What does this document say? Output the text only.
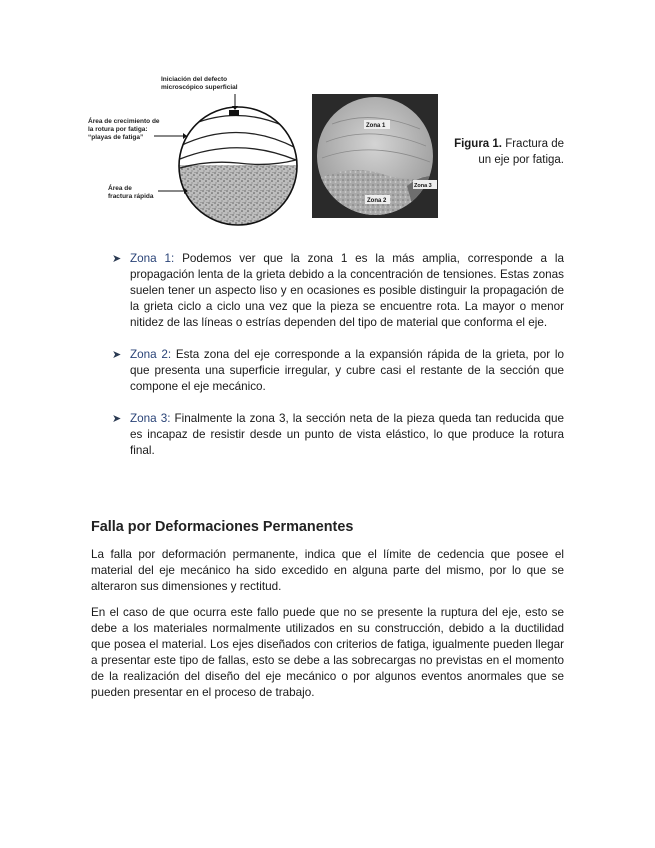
Iniciación del defecto
microscópico superficial
Área de crecimiento de
la rotura por fatiga:
“playas de fatiga”
Área de
fractura rápida
Zona 1
Zona 2
Zona 3
Figura 1. Fractura de un eje por fatiga.
➤ Zona 1: Podemos ver que la zona 1 es la más amplia, corresponde a la propagación lenta de la grieta debido a la concentración de tensiones. Estas zonas suelen tener un aspecto liso y en ocasiones es posible distinguir la propagación de la grieta ciclo a ciclo una vez que la pieza se encuentre rota. La mayor o menor nitidez de las líneas o estrías dependen del tipo de material que conforma el eje.

➤ Zona 2: Esta zona del eje corresponde a la expansión rápida de la grieta, por lo que presenta una superficie irregular, y cubre casi el restante de la sección que compone el eje mecánico.

➤ Zona 3: Finalmente la zona 3, la sección neta de la pieza queda tan reducida que es incapaz de resistir desde un punto de vista elástico, lo que produce la rotura final.

Falla por Deformaciones Permanentes

La falla por deformación permanente, indica que el límite de cedencia que posee el material del eje mecánico ha sido excedido en alguna parte del mismo, por lo que se alteraron sus dimensiones y rectitud.

En el caso de que ocurra este fallo puede que no se presente la ruptura del eje, esto se debe a los materiales normalmente utilizados en su construcción, debido a la ductilidad que posea el material. Los ejes diseñados con criterios de fatiga, igualmente pueden llegar a presentar este tipo de fallas, esto se debe a las sobrecargas no previstas en el momento de la realización del diseño del eje mecánico o por algunos eventos anormales que se pueden presentar en el proceso de trabajo.
